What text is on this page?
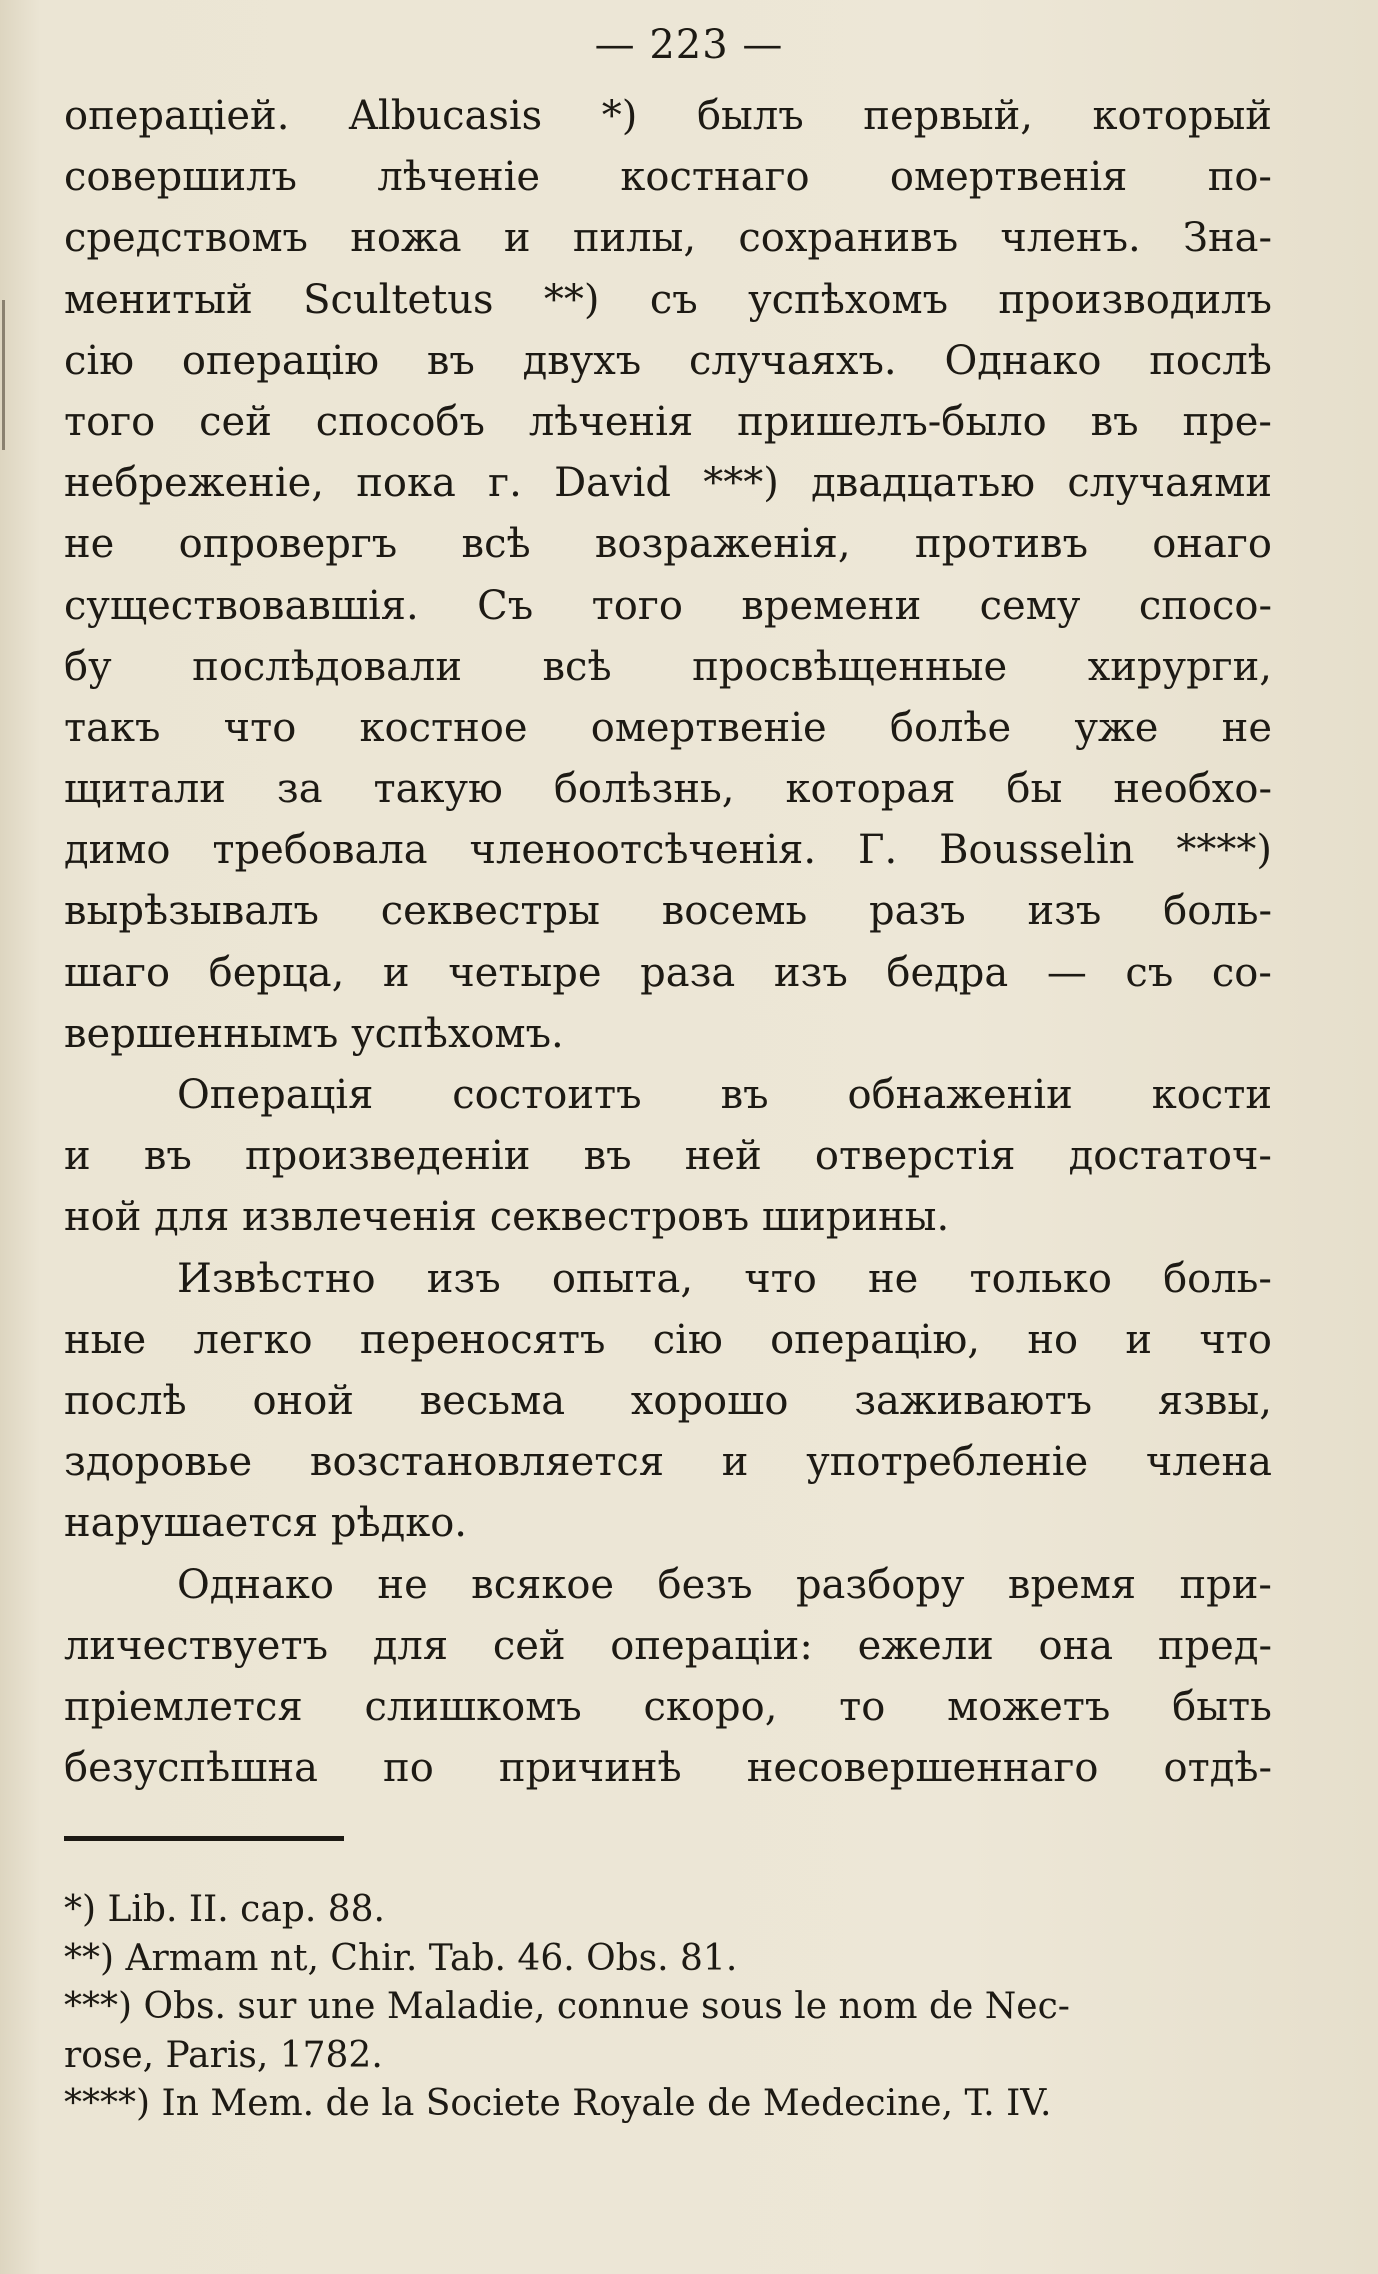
— 223 —
операціей. Albucasis *) былъ первый, который
совершилъ лѣченіе костнаго омертвенія по-
средствомъ ножа и пилы, сохранивъ членъ. Зна-
менитый Scultetus **) съ успѣхомъ производилъ
сію операцію въ двухъ случаяхъ. Однако послѣ
того сей способъ лѣченія пришелъ-было въ пре-
небреженіе, пока г. David ***) двадцатью случаями
не опровергъ всѣ возраженія, противъ онаго
существовавшія. Съ того времени сему спосо-
бу послѣдовали всѣ просвѣщенные хирурги,
такъ что костное омертвеніе болѣе уже не
щитали за такую болѣзнь, которая бы необхо-
димо требовала членоотсѣченія. Г. Bousselin ****)
вырѣзывалъ секвестры восемь разъ изъ боль-
шаго берца, и четыре раза изъ бедра — съ со-
вершеннымъ успѣхомъ.
Операція состоитъ въ обнаженіи кости
и въ произведеніи въ ней отверстія достаточ-
ной для извлеченія секвестровъ ширины.
Извѣстно изъ опыта, что не только боль-
ные легко переносятъ сію операцію, но и что
послѣ оной весьма хорошо заживаютъ язвы,
здоровье возстановляется и употребленіе члена
нарушается рѣдко.
Однако не всякое безъ разбору время при-
личествуетъ для сей операціи: ежели она пред-
пріемлется слишкомъ скоро, то можетъ быть
безуспѣшна по причинѣ несовершеннаго отдѣ-
*) Lib. II. cap. 88.
**) Armam nt, Chir. Tab. 46. Obs. 81.
***) Obs. sur une Maladie, connue sous le nom de Nec-
rose, Paris, 1782.
****) In Mem. de la Societe Royale de Medecine, T. IV.
